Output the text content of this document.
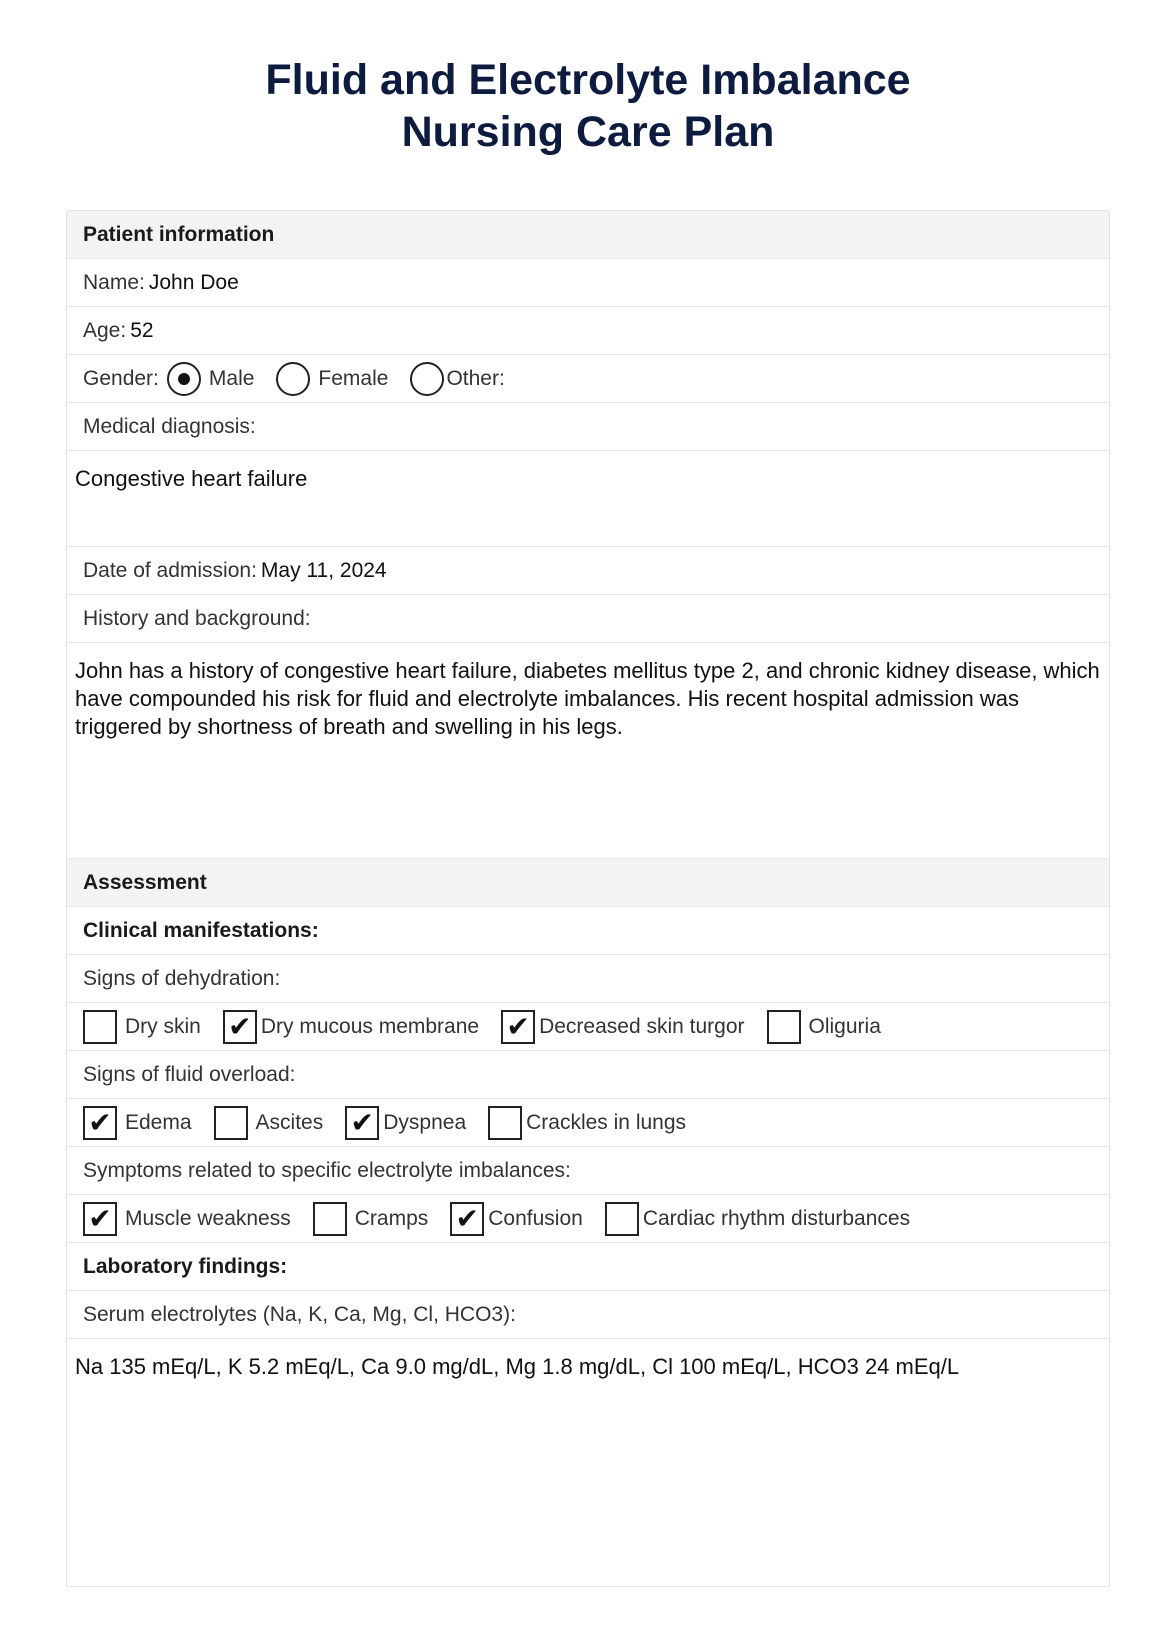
Fluid and Electrolyte Imbalance
Nursing Care Plan
Patient information
Name: John Doe
Age: 52
Gender: Male	Female	Other:
Medical diagnosis:
Congestive heart failure
Date of admission: May 11, 2024
History and background:
John has a history of congestive heart failure, diabetes mellitus type 2, and chronic kidney disease, which have compounded his risk for fluid and electrolyte imbalances. His recent hospital admission was triggered by shortness of breath and swelling in his legs.
Assessment
Clinical manifestations:
Signs of dehydration:
Dry skin ✔ Dry mucous membrane ✔ Decreased skin turgor	Oliguria
Signs of fluid overload:
✔ Edema	Ascites ✔ Dyspnea	Crackles in lungs
Symptoms related to specific electrolyte imbalances:
✔ Muscle weakness	Cramps ✔ Confusion	Cardiac rhythm disturbances
Laboratory findings:
Serum electrolytes (Na, K, Ca, Mg, Cl, HCO3):
Na 135 mEq/L, K 5.2 mEq/L, Ca 9.0 mg/dL, Mg 1.8 mg/dL, Cl 100 mEq/L, HCO3 24 mEq/L
